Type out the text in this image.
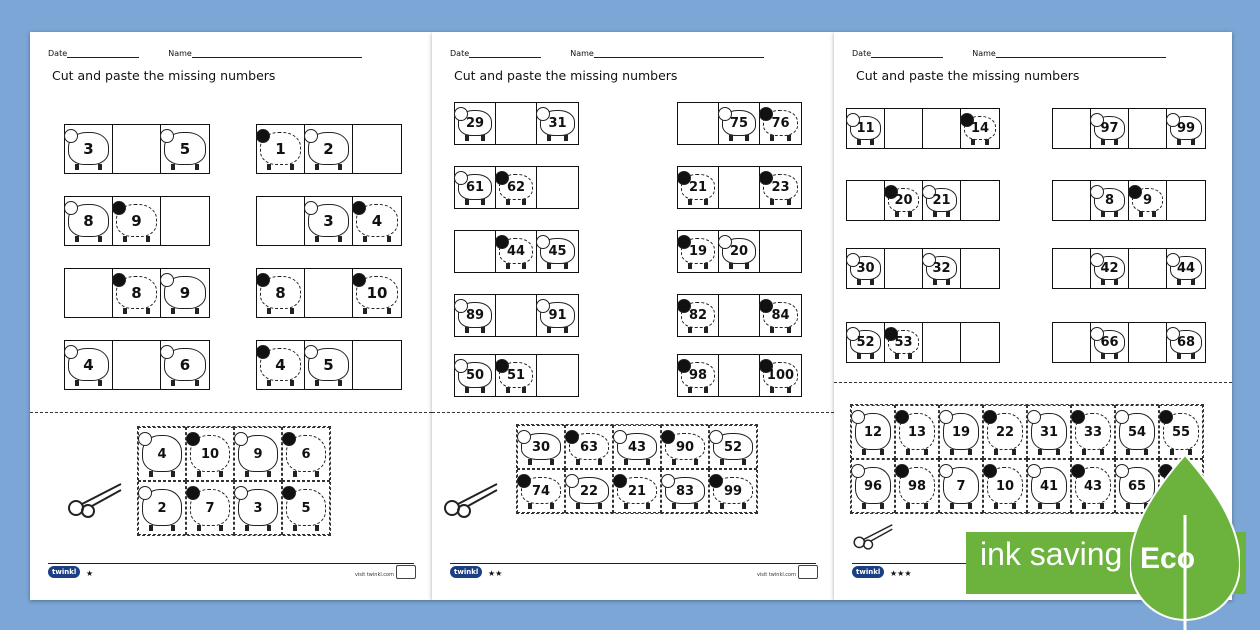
Date	Name
Cut and paste the missing numbers
4	10	9	6
2	7	3	5
twinkl	★	visit twinkl.com
3	5	1	2
8	9	3	4
8	9	8	10
4	6	4	5
Date	Name
Cut and paste the missing numbers
30	63	43	90	52
74	22	21	83	99
twinkl	★★	visit twinkl.com
29	31	75	76
61	62	21	23
44	45	19	20
89	91	82	84
50	51	98	100
Date	Name
Cut and paste the missing numbers
12	13	19	22	31	33	54	55
96	98	7	10	41	43	65
twinkl	★★★
11	14	97	99
20	21	8	9
30	32	42	44
52	53	66	68
ink saving Eco
